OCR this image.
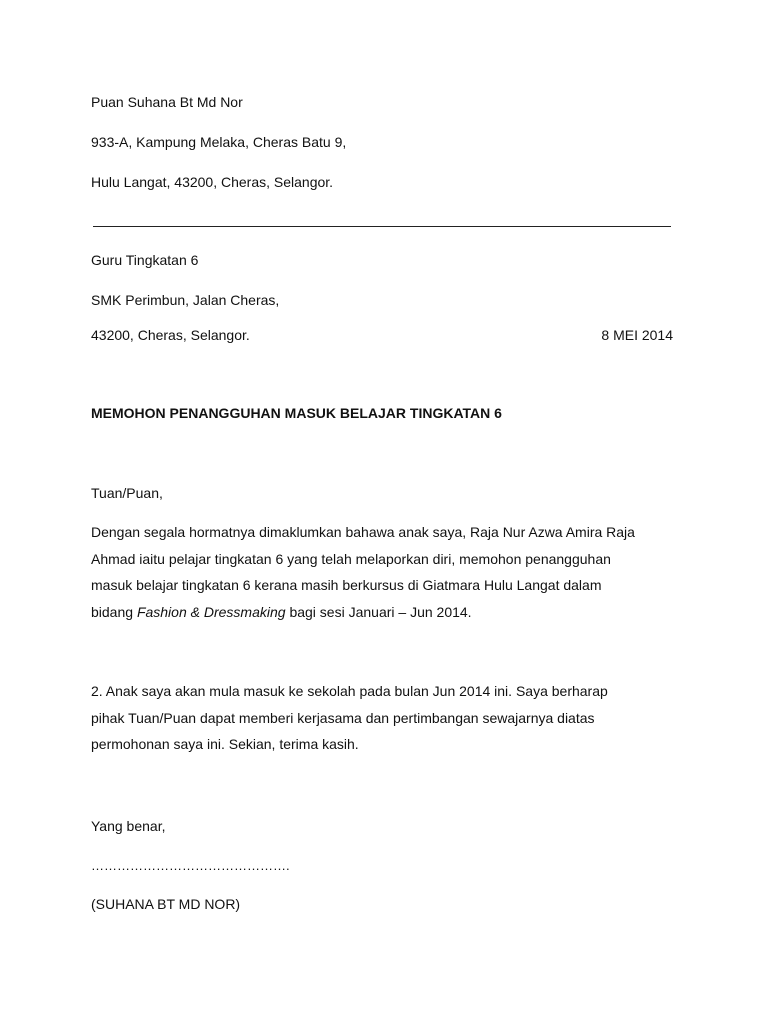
Puan Suhana Bt Md Nor
933-A, Kampung Melaka, Cheras Batu 9,
Hulu Langat, 43200, Cheras, Selangor.
Guru Tingkatan 6
SMK Perimbun, Jalan Cheras,
43200, Cheras, Selangor.	8 MEI 2014
MEMOHON PENANGGUHAN MASUK BELAJAR TINGKATAN 6
Tuan/Puan,
Dengan segala hormatnya dimaklumkan bahawa anak saya, Raja Nur Azwa Amira Raja
Ahmad iaitu pelajar tingkatan 6 yang telah melaporkan diri, memohon penangguhan
masuk belajar tingkatan 6 kerana masih berkursus di Giatmara Hulu Langat dalam
bidang Fashion & Dressmaking bagi sesi Januari – Jun 2014.
2. Anak saya akan mula masuk ke sekolah pada bulan Jun 2014 ini. Saya berharap
pihak Tuan/Puan dapat memberi kerjasama dan pertimbangan sewajarnya diatas
permohonan saya ini. Sekian, terima kasih.
Yang benar,
……………………………………….
(SUHANA BT MD NOR)
